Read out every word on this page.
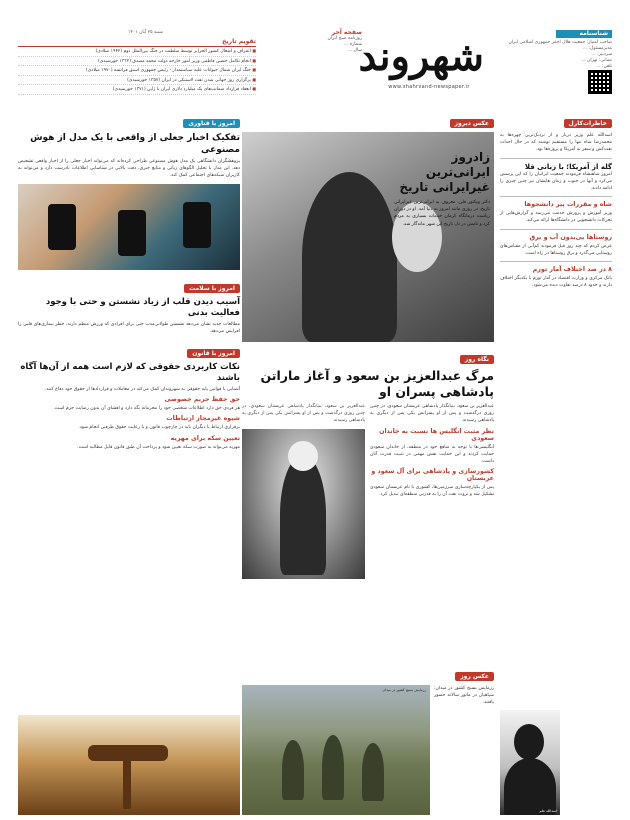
شناسنامه
صاحب امتیاز: جمعیت هلال احمر جمهوری اسلامی ایران
مدیرمسئول: ...
سردبیر: ...
نشانی: تهران ...
تلفن: ...
شهروند
www.shahrvand-newspaper.ir
صفحه آخر
روزنامه صبح ایران
شماره ...
سال ...
شنبه ۲۵ آبان ۱۴۰۱
تقویم تاریخ

■ اعتراف و اشغال کشور الجزایر توسط سلطنت در جنگ بین‌الملل دوم (۱۹۴۲ میلادی)

■ انجام تکامل حسین فاطمی وزیر امور خارجه دولت محمد مصدق (۱۳۳۲ خورشیدی)

■ جنگ ایران شمال حیوانات علیه سیاستمدار - رئیس جمهوری اسبق فرانسه (۱۹۷۰ میلادی)

■ برگزاری روز جهانی شدن نفت لاستیکی در ایران (۱۳۵۷ خورشیدی)

■ انعقاد قرارداد ضمانت‌های یک میلیارد دلاری ایران با ژاپن (۱۳۷۱ خورشیدی)

خاطرات‌کارل
اسدالله علم وزیر دربار و از نزدیک‌ترین چهره‌ها به محمدرضا شاه تنها را مستقیم نوشته که در حال احداث نفت‌کش و سفر به آمریکا و پروژه‌ها بود.
گله از آمریکا؛ با زبانی قلا
امروز شاهنشاه فرمودند جمعیت ایرانیان را که این پرسش می‌کرد و آنها در جنوب و زمان هایشان نیز چنین چیزی را ادامه دادند.
شاه و مقررات پیر دانشجوها
وزیر آموزش و پرورش خدمت می‌رسد و گزارش‌هایی از تحرکات دانشجویی در دانشگاه‌ها ارائه می‌کند.
روستاها بی‌بدون آب و برق
عرض کردم که چند روز قبل فرمودند کم‌آبی از مقیاس‌های روستایی می‌گذرد و برق روستاها در راه است.
۸ در صد اختلاف آمار تورم
بانک مرکزی و وزارت اقتصاد در آمار تورم با یکدیگر اختلاف دارند و حدود ۸ درصد تفاوت دیده می‌شود.
اسدالله علم
عکس دیروز
زادروز ایرانی‌ترین غیرایرانی تاریخ
دکتر ویکتور فلن، معروف به ایرانی‌ترین غیرایرانی تاریخ، در روزی مانند امروز به دنیا آمد. او در دوران ریاست درمانگاه کرمان خدمات بسیاری به مردم کرد و نامش در دل تاریخ این شهر ماندگار شد.
نگاه روز
مرگ عبدالعزیز بن سعود و آغاز ماراتن پادشاهی پسران او
عبدالعزیز بن سعود، بنیانگذار پادشاهی عربستان سعودی، در چنین روزی درگذشت و پس از او پسرانش یکی پس از دیگری به پادشاهی رسیدند.
نظر مثبت انگلیس ها نسبت به خاندان سعودی
انگلیسی‌ها با توجه به منافع خود در منطقه، از خاندان سعودی حمایت کردند و این حمایت نقش مهمی در تثبیت قدرت آنان داشت.
کشورسازی و پادشاهی برای آل سعود و عربستان
پس از یکپارچه‌سازی سرزمین‌ها، کشوری با نام عربستان سعودی تشکیل شد و ثروت نفت آن را به قدرتی منطقه‌ای تبدیل کرد.
عبدالعزیز بن سعود، بنیانگذار پادشاهی عربستان سعودی، در چنین روزی درگذشت و پس از او پسرانش یکی پس از دیگری به پادشاهی رسیدند.
عکس روز
رزمایش بسیج کشور در میدان: سپاهیان در مانور سالانه حضور یافتند.
رزمایش بسیج کشور در میدان
امروز با فناوری
تفکیک اخبار جعلی از واقعی با یک مدل از هوش مصنوعی
پژوهشگران دانشگاهی یک مدل هوش مصنوعی طراحی کرده‌اند که می‌تواند اخبار جعلی را از اخبار واقعی تشخیص دهد. این مدل با تحلیل الگوهای زبانی و منابع خبری، دقت بالایی در شناسایی اطلاعات نادرست دارد و می‌تواند به کاربران شبکه‌های اجتماعی کمک کند.
امروز با سلامت
آسیب دیدن قلب از زیاد نشستن و حتی با وجود فعالیت بدنی
مطالعات جدید نشان می‌دهد نشستن طولانی‌مدت حتی برای افرادی که ورزش منظم دارند، خطر بیماری‌های قلبی را افزایش می‌دهد.
امروز با قانون
نکات کاربردی حقوقی که لازم است همه از آن‌ها آگاه باشند
آشنایی با قوانین پایه حقوقی به شهروندان کمک می‌کند در معاملات و قراردادها از حقوق خود دفاع کنند.
حق حفظ حریم خصوصی
هر فردی حق دارد اطلاعات شخصی خود را محرمانه نگه دارد و افشای آن بدون رضایت جرم است.
شیوه غیرمجاز ازتباطات
برقراری ارتباط با دیگران باید در چارچوب قانون و با رعایت حقوق طرفین انجام شود.
تعیین سکه برای مهریه
مهریه می‌تواند به صورت سکه تعیین شود و پرداخت آن طبق قانون قابل مطالبه است.
